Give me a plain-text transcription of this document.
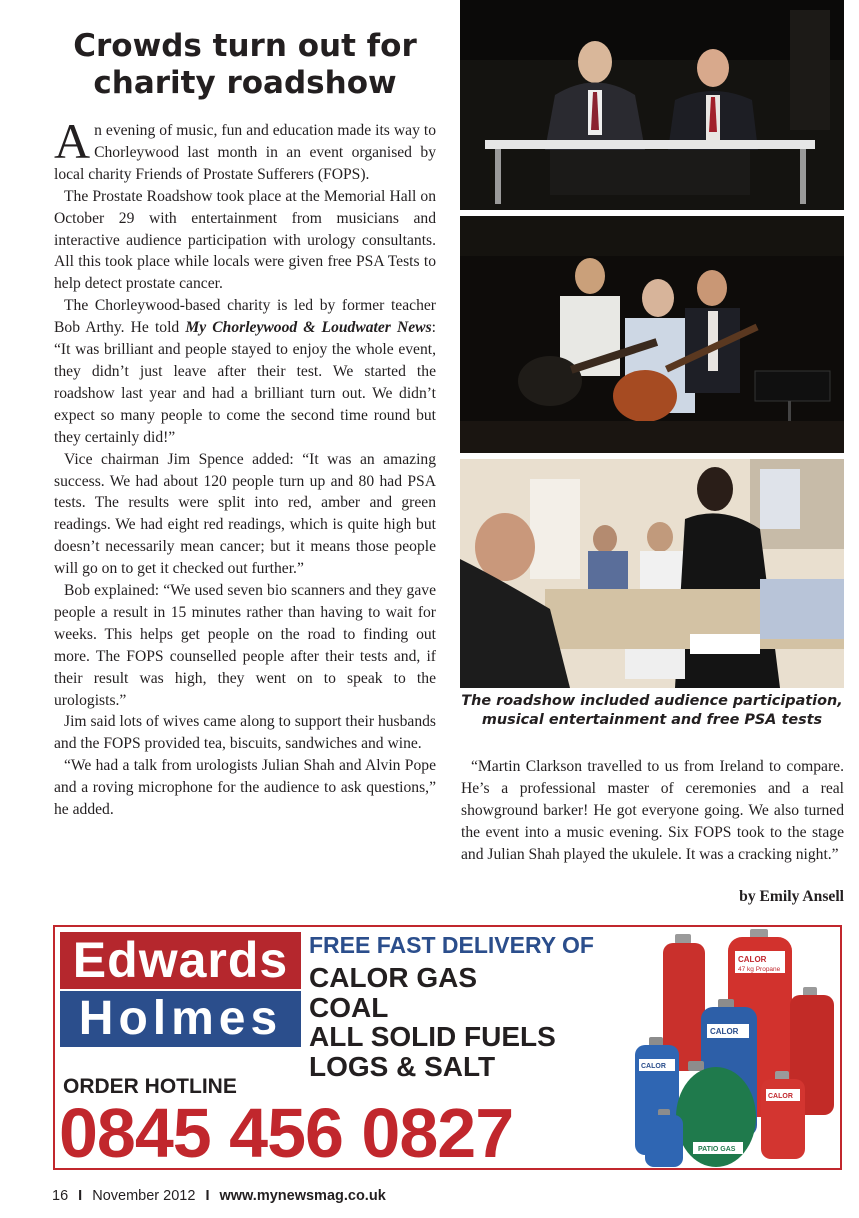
Crowds turn out for
charity roadshow

An evening of music, fun and education made its way to Chorleywood last month in an event organised by local charity Friends of Prostate Sufferers (FOPS).

The Prostate Roadshow took place at the Memorial Hall on October 29 with entertainment from musicians and interactive audience participation with urology consultants. All this took place while locals were given free PSA Tests to help detect prostate cancer.

The Chorleywood-based charity is led by former teacher Bob Arthy. He told My Chorleywood & Loudwater News: “It was brilliant and people stayed to enjoy the whole event, they didn’t just leave after their test. We started the roadshow last year and had a brilliant turn out. We didn’t expect so many people to come the second time round but they certainly did!”

Vice chairman Jim Spence added: “It was an amazing success. We had about 120 people turn up and 80 had PSA tests. The results were split into red, amber and green readings. We had eight red readings, which is quite high but doesn’t necessarily mean cancer; but it means those people will go on to get it checked out further.”

Bob explained: “We used seven bio scanners and they gave people a result in 15 minutes rather than having to wait for weeks. This helps get people on the road to finding out more. The FOPS counselled people after their tests and, if their result was high, they went on to speak to the urologists.”

Jim said lots of wives came along to support their husbands and the FOPS provided tea, biscuits, sandwiches and wine.

“We had a talk from urologists Julian Shah and Alvin Pope and a roving microphone for the audience to ask questions,” he added.

The roadshow included audience participation, musical entertainment and free PSA tests

“Martin Clarkson travelled to us from Ireland to compare. He’s a professional master of ceremonies and a real showground barker! He got everyone going. We also turned the event into a music evening. Six FOPS took to the stage and Julian Shah played the ukulele. It was a cracking night.”

by Emily Ansell
Edwards
Holmes

FREE FAST DELIVERY OF

CALOR GAS
COAL
ALL SOLID FUELS
LOGS & SALT
ORDER HOTLINE
0845 456 0827
CALOR
47 kg Propane
CALOR
CALOR
PATIO GAS
CALOR
16 I November 2012 I www.mynewsmag.co.uk
